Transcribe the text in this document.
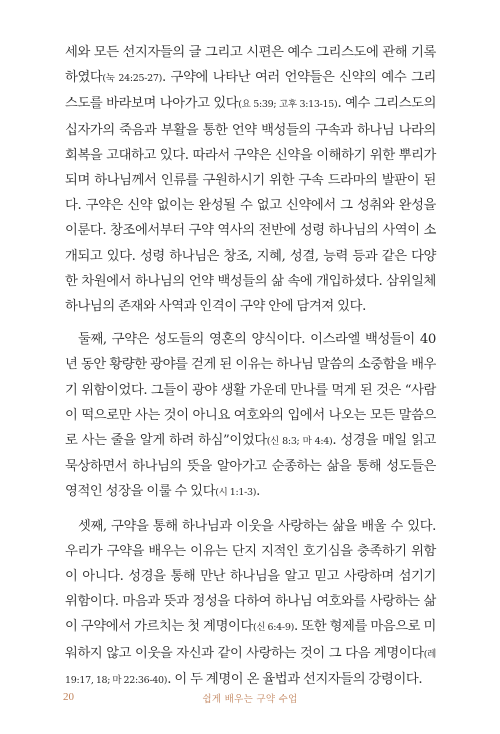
세와 모든 선지자들의 글 그리고 시편은 예수 그리스도에 관해 기록하였다(눅 24:25-27). 구약에 나타난 여러 언약들은 신약의 예수 그리스도를 바라보며 나아가고 있다(요 5:39; 고후 3:13-15). 예수 그리스도의 십자가의 죽음과 부활을 통한 언약 백성들의 구속과 하나님 나라의 회복을 고대하고 있다. 따라서 구약은 신약을 이해하기 위한 뿌리가 되며 하나님께서 인류를 구원하시기 위한 구속 드라마의 발판이 된다. 구약은 신약 없이는 완성될 수 없고 신약에서 그 성취와 완성을 이룬다. 창조에서부터 구약 역사의 전반에 성령 하나님의 사역이 소개되고 있다. 성령 하나님은 창조, 지혜, 성결, 능력 등과 같은 다양한 차원에서 하나님의 언약 백성들의 삶 속에 개입하셨다. 삼위일체 하나님의 존재와 사역과 인격이 구약 안에 담겨져 있다.

둘째, 구약은 성도들의 영혼의 양식이다. 이스라엘 백성들이 40년 동안 황량한 광야를 걷게 된 이유는 하나님 말씀의 소중함을 배우기 위함이었다. 그들이 광야 생활 가운데 만나를 먹게 된 것은 “사람이 떡으로만 사는 것이 아니요 여호와의 입에서 나오는 모든 말씀으로 사는 줄을 알게 하려 하심”이었다(신 8:3; 마 4:4). 성경을 매일 읽고 묵상하면서 하나님의 뜻을 알아가고 순종하는 삶을 통해 성도들은 영적인 성장을 이룰 수 있다(시 1:1-3).

셋째, 구약을 통해 하나님과 이웃을 사랑하는 삶을 배울 수 있다. 우리가 구약을 배우는 이유는 단지 지적인 호기심을 충족하기 위함이 아니다. 성경을 통해 만난 하나님을 알고 믿고 사랑하며 섬기기 위함이다. 마음과 뜻과 정성을 다하여 하나님 여호와를 사랑하는 삶이 구약에서 가르치는 첫 계명이다(신 6:4-9). 또한 형제를 마음으로 미워하지 않고 이웃을 자신과 같이 사랑하는 것이 그 다음 계명이다(레 19:17, 18; 마 22:36-40). 이 두 계명이 온 율법과 선지자들의 강령이다.

20	쉽게 배우는 구약 수업
